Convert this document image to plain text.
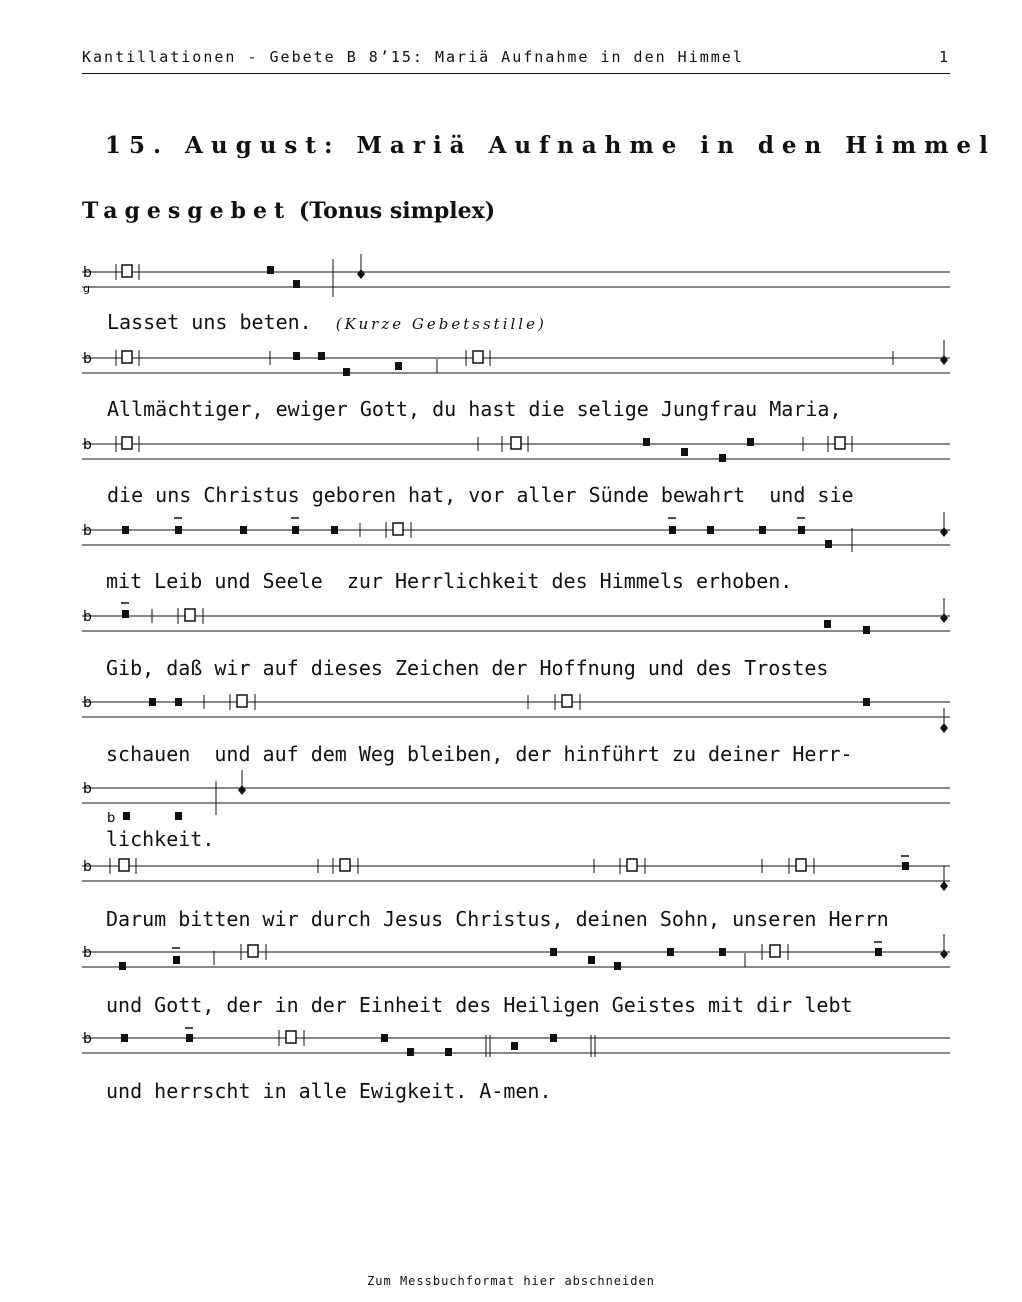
Kantillationen - Gebete B 8’15: Mariä Aufnahme in den Himmel	1
15. August: Mariä Aufnahme in den Himmel
Tagesgebet (Tonus simplex)
b
g
b
b
b
b
b
b
b
b
b
b
Lasset uns beten. (Kurze Gebetsstille)
Allmächtiger, ewiger Gott, du hast die selige Jungfrau Maria,
die uns Christus geboren hat, vor aller Sünde bewahrt  und sie
mit Leib und Seele  zur Herrlichkeit des Himmels erhoben.
Gib, daß wir auf dieses Zeichen der Hoffnung und des Trostes
schauen  und auf dem Weg bleiben, der hinführt zu deiner Herr-
lichkeit.
Darum bitten wir durch Jesus Christus, deinen Sohn, unseren Herrn
und Gott, der in der Einheit des Heiligen Geistes mit dir lebt
und herrscht in alle Ewigkeit. A-men.
Zum Messbuchformat hier abschneiden
